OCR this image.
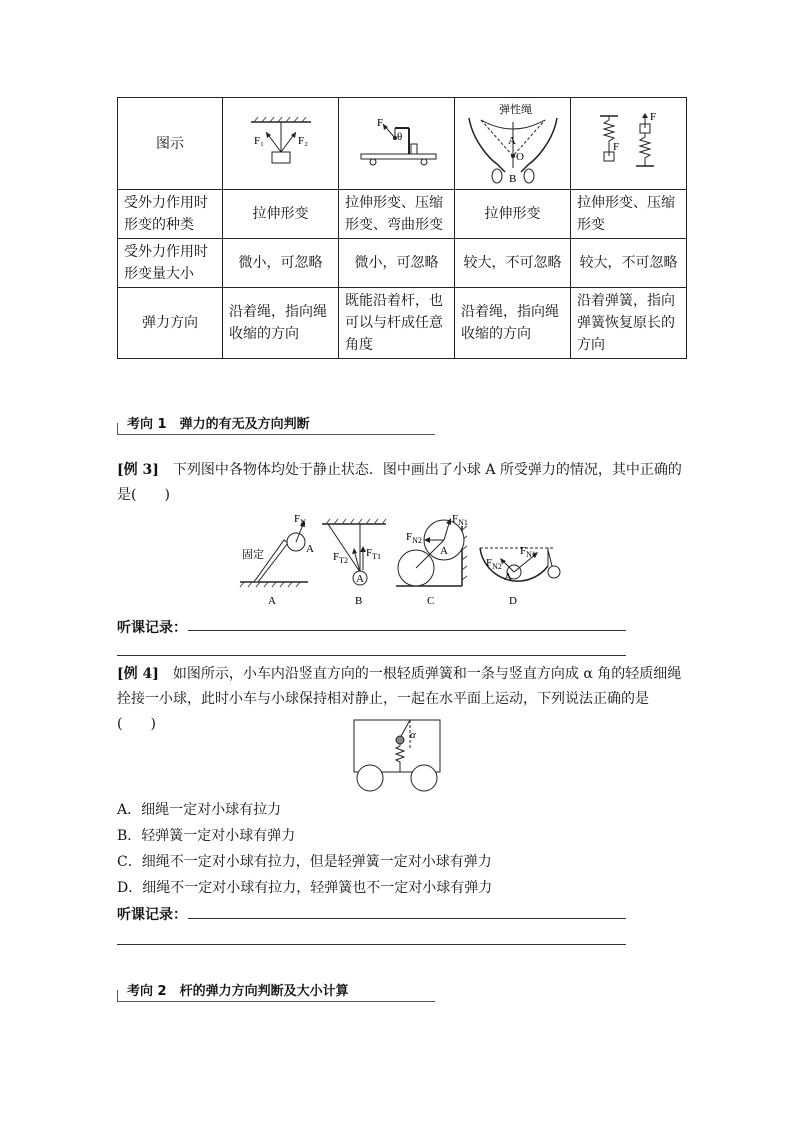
图示	F₁ F₂	F
θ	弹性绳
A
O
B	F
F

受外力作用时形变的种类	拉伸形变	拉伸形变、压缩形变、弯曲形变	拉伸形变	拉伸形变、压缩形变
受外力作用时形变量大小	微小，可忽略	微小，可忽略	较大，不可忽略	较大，不可忽略
弹力方向	沿着绳，指向绳收缩的方向	既能沿着杆，也可以与杆成任意角度	沿着绳，指向绳收缩的方向	沿着弹簧，指向弹簧恢复原长的方向
考向 1　弹力的有无及方向判断
[例 3]　下列图中各物体均处于静止状态．图中画出了小球 A 所受弹力的情况，其中正确的是(　　)
$F_N$
固定	A
A
A
$F_{T2}$
$F_{T1}$
B
A
$F_{N1}$
$F_{N2}$
C
A
$F_{N1}$
$F_{N2}$
D
听课记录：
[例 4]　如图所示，小车内沿竖直方向的一根轻质弹簧和一条与竖直方向成 α 角的轻质细绳拴接一小球，此时小车与小球保持相对静止，一起在水平面上运动，下列说法正确的是(　　)
α
A．细绳一定对小球有拉力
B．轻弹簧一定对小球有弹力
C．细绳不一定对小球有拉力，但是轻弹簧一定对小球有弹力
D．细绳不一定对小球有拉力，轻弹簧也不一定对小球有弹力
听课记录：
考向 2　杆的弹力方向判断及大小计算
